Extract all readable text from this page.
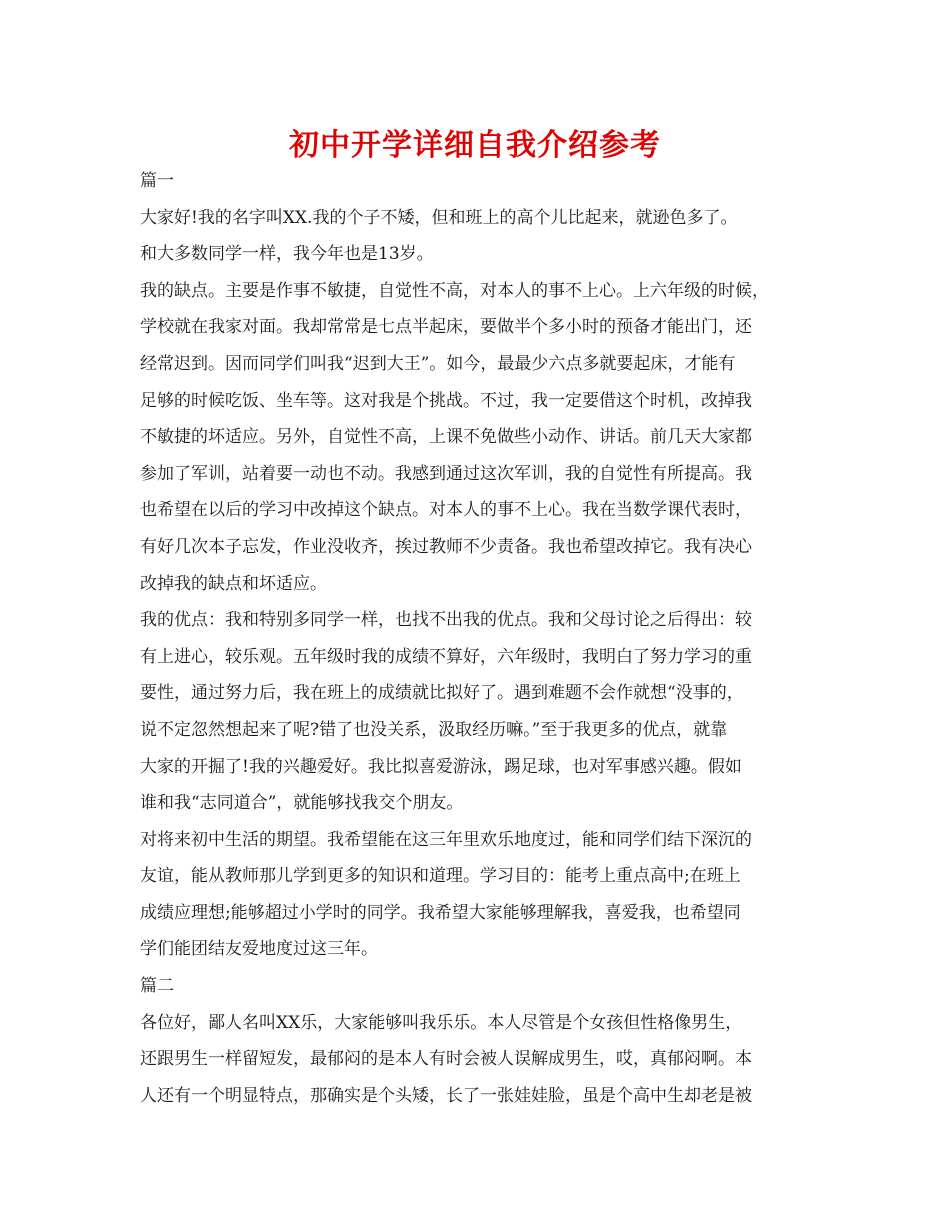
初中开学详细自我介绍参考
篇一
大家好!我的名字叫XX.我的个子不矮，但和班上的高个儿比起来，就逊色多了。
和大多数同学一样，我今年也是13岁。
我的缺点。主要是作事不敏捷，自觉性不高，对本人的事不上心。上六年级的时候，
学校就在我家对面。我却常常是七点半起床，要做半个多小时的预备才能出门，还
经常迟到。因而同学们叫我“迟到大王”。如今，最最少六点多就要起床，才能有
足够的时候吃饭、坐车等。这对我是个挑战。不过，我一定要借这个时机，改掉我
不敏捷的坏适应。另外，自觉性不高，上课不免做些小动作、讲话。前几天大家都
参加了军训，站着要一动也不动。我感到通过这次军训，我的自觉性有所提高。我
也希望在以后的学习中改掉这个缺点。对本人的事不上心。我在当数学课代表时，
有好几次本子忘发，作业没收齐，挨过教师不少责备。我也希望改掉它。我有决心
改掉我的缺点和坏适应。
我的优点：我和特别多同学一样，也找不出我的优点。我和父母讨论之后得出：较
有上进心，较乐观。五年级时我的成绩不算好，六年级时，我明白了努力学习的重
要性，通过努力后，我在班上的成绩就比拟好了。遇到难题不会作就想“没事的，
说不定忽然想起来了呢?错了也没关系，汲取经历嘛。”至于我更多的优点，就靠
大家的开掘了!我的兴趣爱好。我比拟喜爱游泳，踢足球，也对军事感兴趣。假如
谁和我“志同道合”，就能够找我交个朋友。
对将来初中生活的期望。我希望能在这三年里欢乐地度过，能和同学们结下深沉的
友谊，能从教师那儿学到更多的知识和道理。学习目的：能考上重点高中;在班上
成绩应理想;能够超过小学时的同学。我希望大家能够理解我，喜爱我，也希望同
学们能团结友爱地度过这三年。
篇二
各位好，鄙人名叫XX乐，大家能够叫我乐乐。本人尽管是个女孩但性格像男生，
还跟男生一样留短发，最郁闷的是本人有时会被人误解成男生，哎，真郁闷啊。本
人还有一个明显特点，那确实是个头矮，长了一张娃娃脸，虽是个高中生却老是被
